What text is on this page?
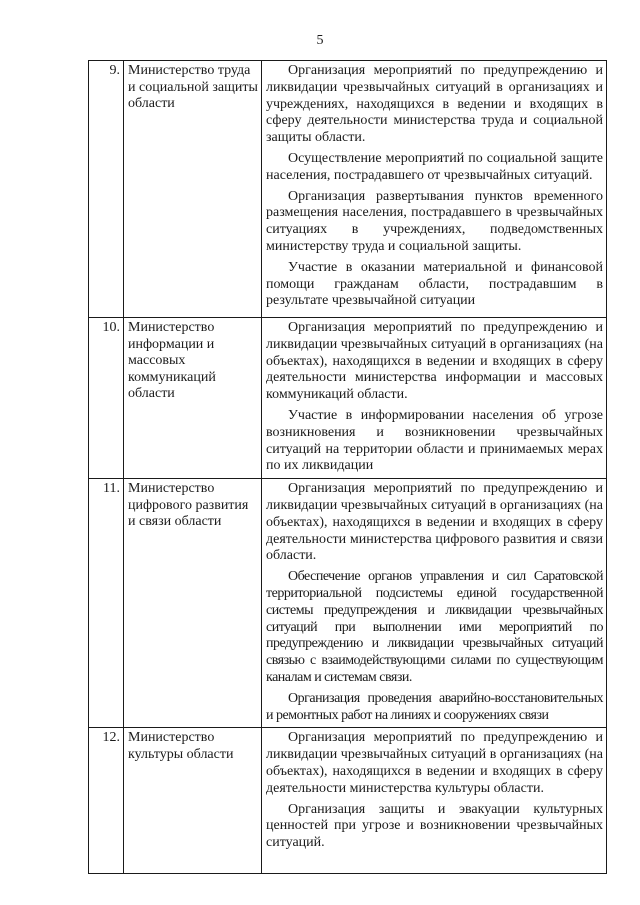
5
9.	Министерство труда и социальной защиты области	Организация мероприятий по предупреждению и ликвидации чрезвычайных ситуаций в организациях и учреждениях, находящихся в ведении и входящих в сферу деятельности министерства труда и социальной защиты области.

Осуществление мероприятий по социальной защите населения, пострадавшего от чрезвычайных ситуаций.

Организация развертывания пунктов временного размещения населения, пострадавшего в чрезвычайных ситуациях в учреждениях, подведомственных министерству труда и социальной защиты.

Участие в оказании материальной и финансовой помощи гражданам области, пострадавшим в результате чрезвычайной ситуации

10.	Министерство информации и массовых коммуникаций области	Организация мероприятий по предупреждению и ликвидации чрезвычайных ситуаций в организациях (на объектах), находящихся в ведении и входящих в сферу деятельности министерства информации и массовых коммуникаций области.

Участие в информировании населения об угрозе возникновения и возникновении чрезвычайных ситуаций на территории области и принимаемых мерах по их ликвидации

11.	Министерство цифрового развития и связи области	Организация мероприятий по предупреждению и ликвидации чрезвычайных ситуаций в организациях (на объектах), находящихся в ведении и входящих в сферу деятельности министерства цифрового развития и связи области.

Обеспечение органов управления и сил Саратовской территориальной подсистемы единой государственной системы предупреждения и ликвидации чрезвычайных ситуаций при выполнении ими мероприятий по предупреждению и ликвидации чрезвычайных ситуаций связью с взаимодействующими силами по существующим каналам и системам связи.

Организация проведения аварийно-восстановительных и ремонтных работ на линиях и сооружениях связи

12.	Министерство культуры области	Организация мероприятий по предупреждению и ликвидации чрезвычайных ситуаций в организациях (на объектах), находящихся в ведении и входящих в сферу деятельности министерства культуры области.

Организация защиты и эвакуации культурных ценностей при угрозе и возникновении чрезвычайных ситуаций.
